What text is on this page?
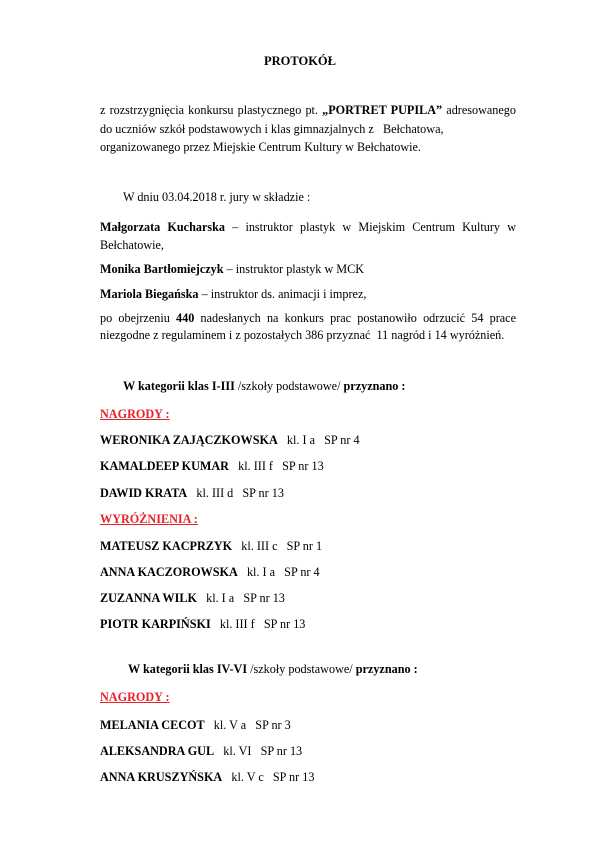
PROTOKÓŁ
z rozstrzygnięcia konkursu plastycznego pt. „PORTRET PUPILA” adresowanego
do uczniów szkół podstawowych i klas gimnazjalnych z   Bełchatowa,
organizowanego przez Miejskie Centrum Kultury w Bełchatowie.
W dniu 03.04.2018 r. jury w składzie :
Małgorzata Kucharska – instruktor plastyk w Miejskim Centrum Kultury w
Bełchatowie,
Monika Bartłomiejczyk – instruktor plastyk w MCK
Mariola Biegańska – instruktor ds. animacji i imprez,
po obejrzeniu 440 nadesłanych na konkurs prac postanowiło odrzucić 54 prace
niezgodne z regulaminem i z pozostałych 386 przyznać  11 nagród i 14 wyróżnień.
W kategorii klas I-III /szkoły podstawowe/ przyznano :
NAGRODY :
WERONIKA ZAJĄCZKOWSKA kl. I a   SP nr 4
KAMALDEEP KUMAR kl. III f   SP nr 13
DAWID KRATA kl. III d   SP nr 13
WYRÓŻNIENIA :
MATEUSZ KACPRZYK kl. III c   SP nr 1
ANNA KACZOROWSKA kl. I a   SP nr 4
ZUZANNA WILK kl. I a   SP nr 13
PIOTR KARPIŃSKI kl. III f   SP nr 13
W kategorii klas IV-VI /szkoły podstawowe/ przyznano :
NAGRODY :
MELANIA CECOT kl. V a   SP nr 3
ALEKSANDRA GUL kl. VI   SP nr 13
ANNA KRUSZYŃSKA kl. V c   SP nr 13
